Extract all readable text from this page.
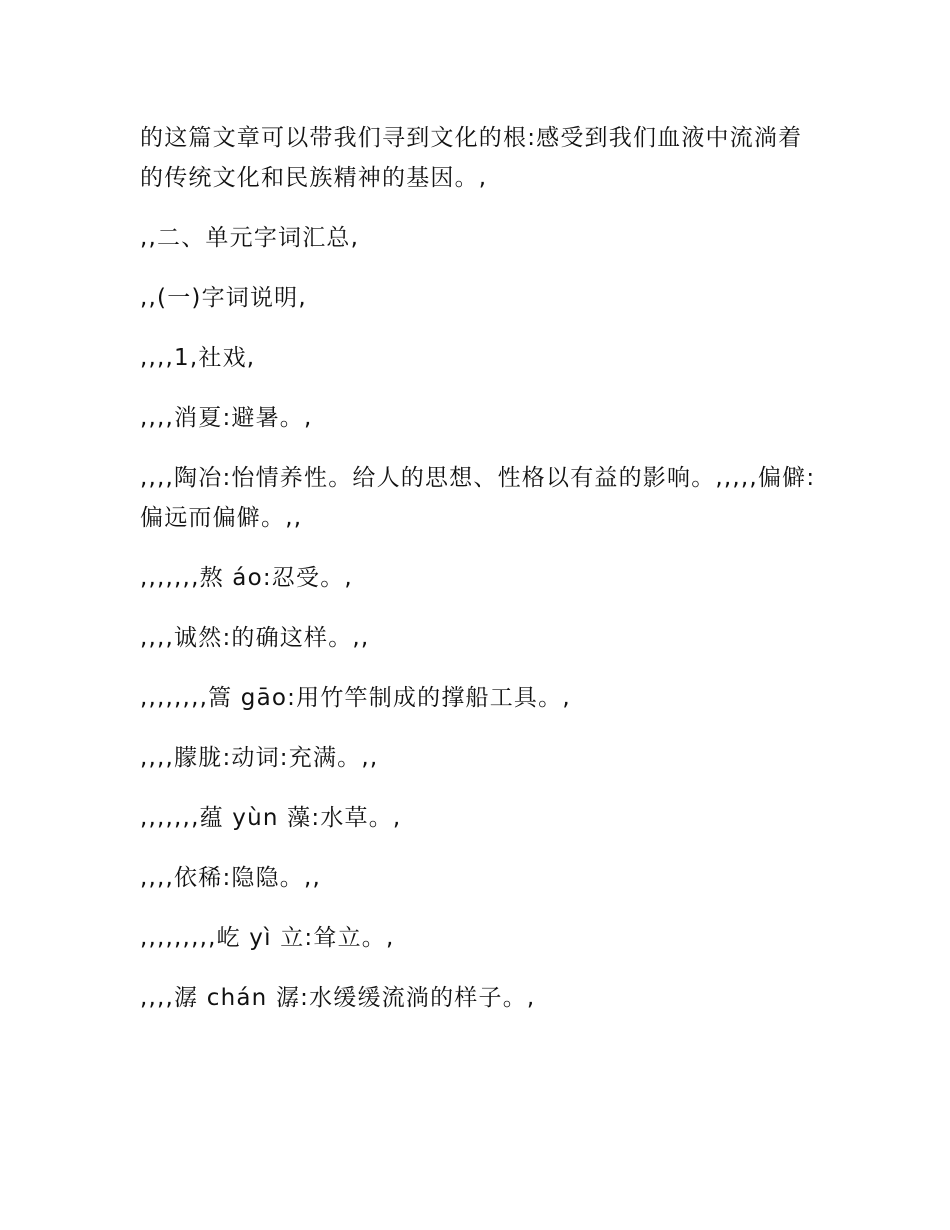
的这篇文章可以带我们寻到文化的根:感受到我们血液中流淌着的传统文化和民族精神的基因。,

,,二、单元字词汇总,

,,(一)字词说明,

,,,,1,社戏,

,,,,消夏:避暑。,

,,,,陶冶:怡情养性。给人的思想、性格以有益的影响。,,,,,偏僻:偏远而偏僻。,,

,,,,,,,熬 áo:忍受。,

,,,,诚然:的确这样。,,

,,,,,,,,篙 gāo:用竹竿制成的撑船工具。,

,,,,朦胧:动词:充满。,,

,,,,,,,蕴 yùn 藻:水草。,

,,,,依稀:隐隐。,,

,,,,,,,,,屹 yì 立:耸立。,

,,,,潺 chán 潺:水缓缓流淌的样子。,
